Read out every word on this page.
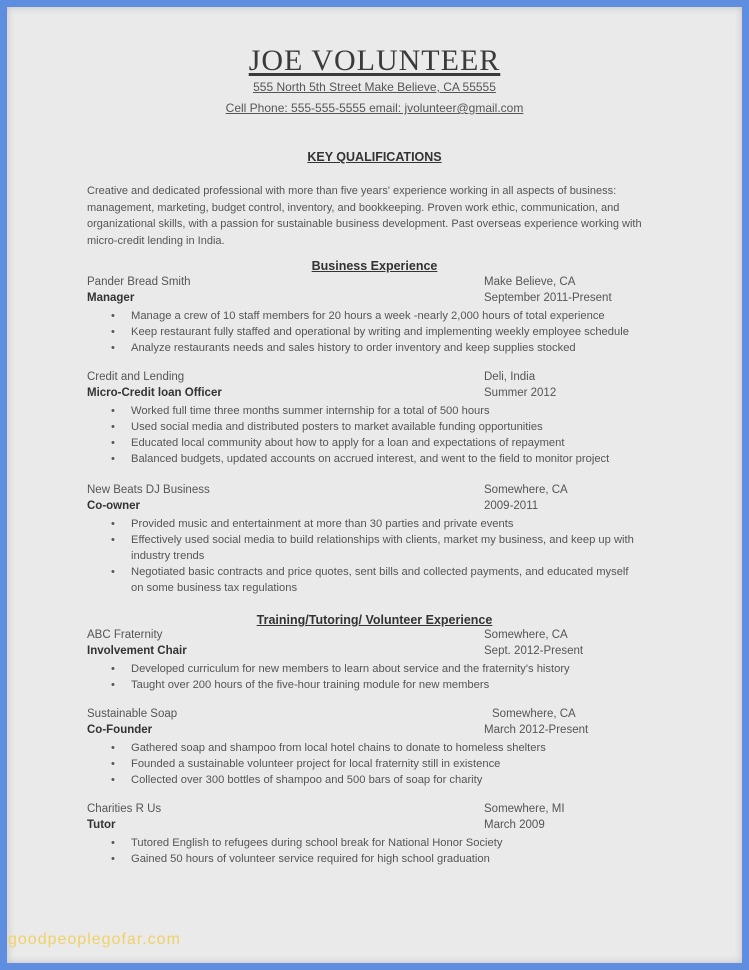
JOE VOLUNTEER
555 North 5th Street Make Believe, CA 55555
Cell Phone: 555-555-5555 email: jvolunteer@gmail.com
KEY QUALIFICATIONS
Creative and dedicated professional with more than five years' experience working in all aspects of business:
management, marketing, budget control, inventory, and bookkeeping. Proven work ethic, communication, and
organizational skills, with a passion for sustainable business development. Past overseas experience working with
micro-credit lending in India.
Business Experience
Pander Bread Smith	Make Believe, CA
Manager	September 2011-Present
• Manage a crew of 10 staff members for 20 hours a week -nearly 2,000 hours of total experience
• Keep restaurant fully staffed and operational by writing and implementing weekly employee schedule
• Analyze restaurants needs and sales history to order inventory and keep supplies stocked
Credit and Lending	Deli, India
Micro-Credit loan Officer	Summer 2012
• Worked full time three months summer internship for a total of 500 hours
• Used social media and distributed posters to market available funding opportunities
• Educated local community about how to apply for a loan and expectations of repayment
• Balanced budgets, updated accounts on accrued interest, and went to the field to monitor project
New Beats DJ Business	Somewhere, CA
Co-owner	2009-2011
• Provided music and entertainment at more than 30 parties and private events
• Effectively used social media to build relationships with clients, market my business, and keep up with industry trends
• Negotiated basic contracts and price quotes, sent bills and collected payments, and educated myself on some business tax regulations
Training/Tutoring/ Volunteer Experience
ABC Fraternity	Somewhere, CA
Involvement Chair	Sept. 2012-Present
• Developed curriculum for new members to learn about service and the fraternity's history
• Taught over 200 hours of the five-hour training module for new members
Sustainable Soap	Somewhere, CA
Co-Founder	March 2012-Present
• Gathered soap and shampoo from local hotel chains to donate to homeless shelters
• Founded a sustainable volunteer project for local fraternity still in existence
• Collected over 300 bottles of shampoo and 500 bars of soap for charity
Charities R Us	Somewhere, MI
Tutor	March 2009
• Tutored English to refugees during school break for National Honor Society
• Gained 50 hours of volunteer service required for high school graduation
goodpeoplegofar.com
